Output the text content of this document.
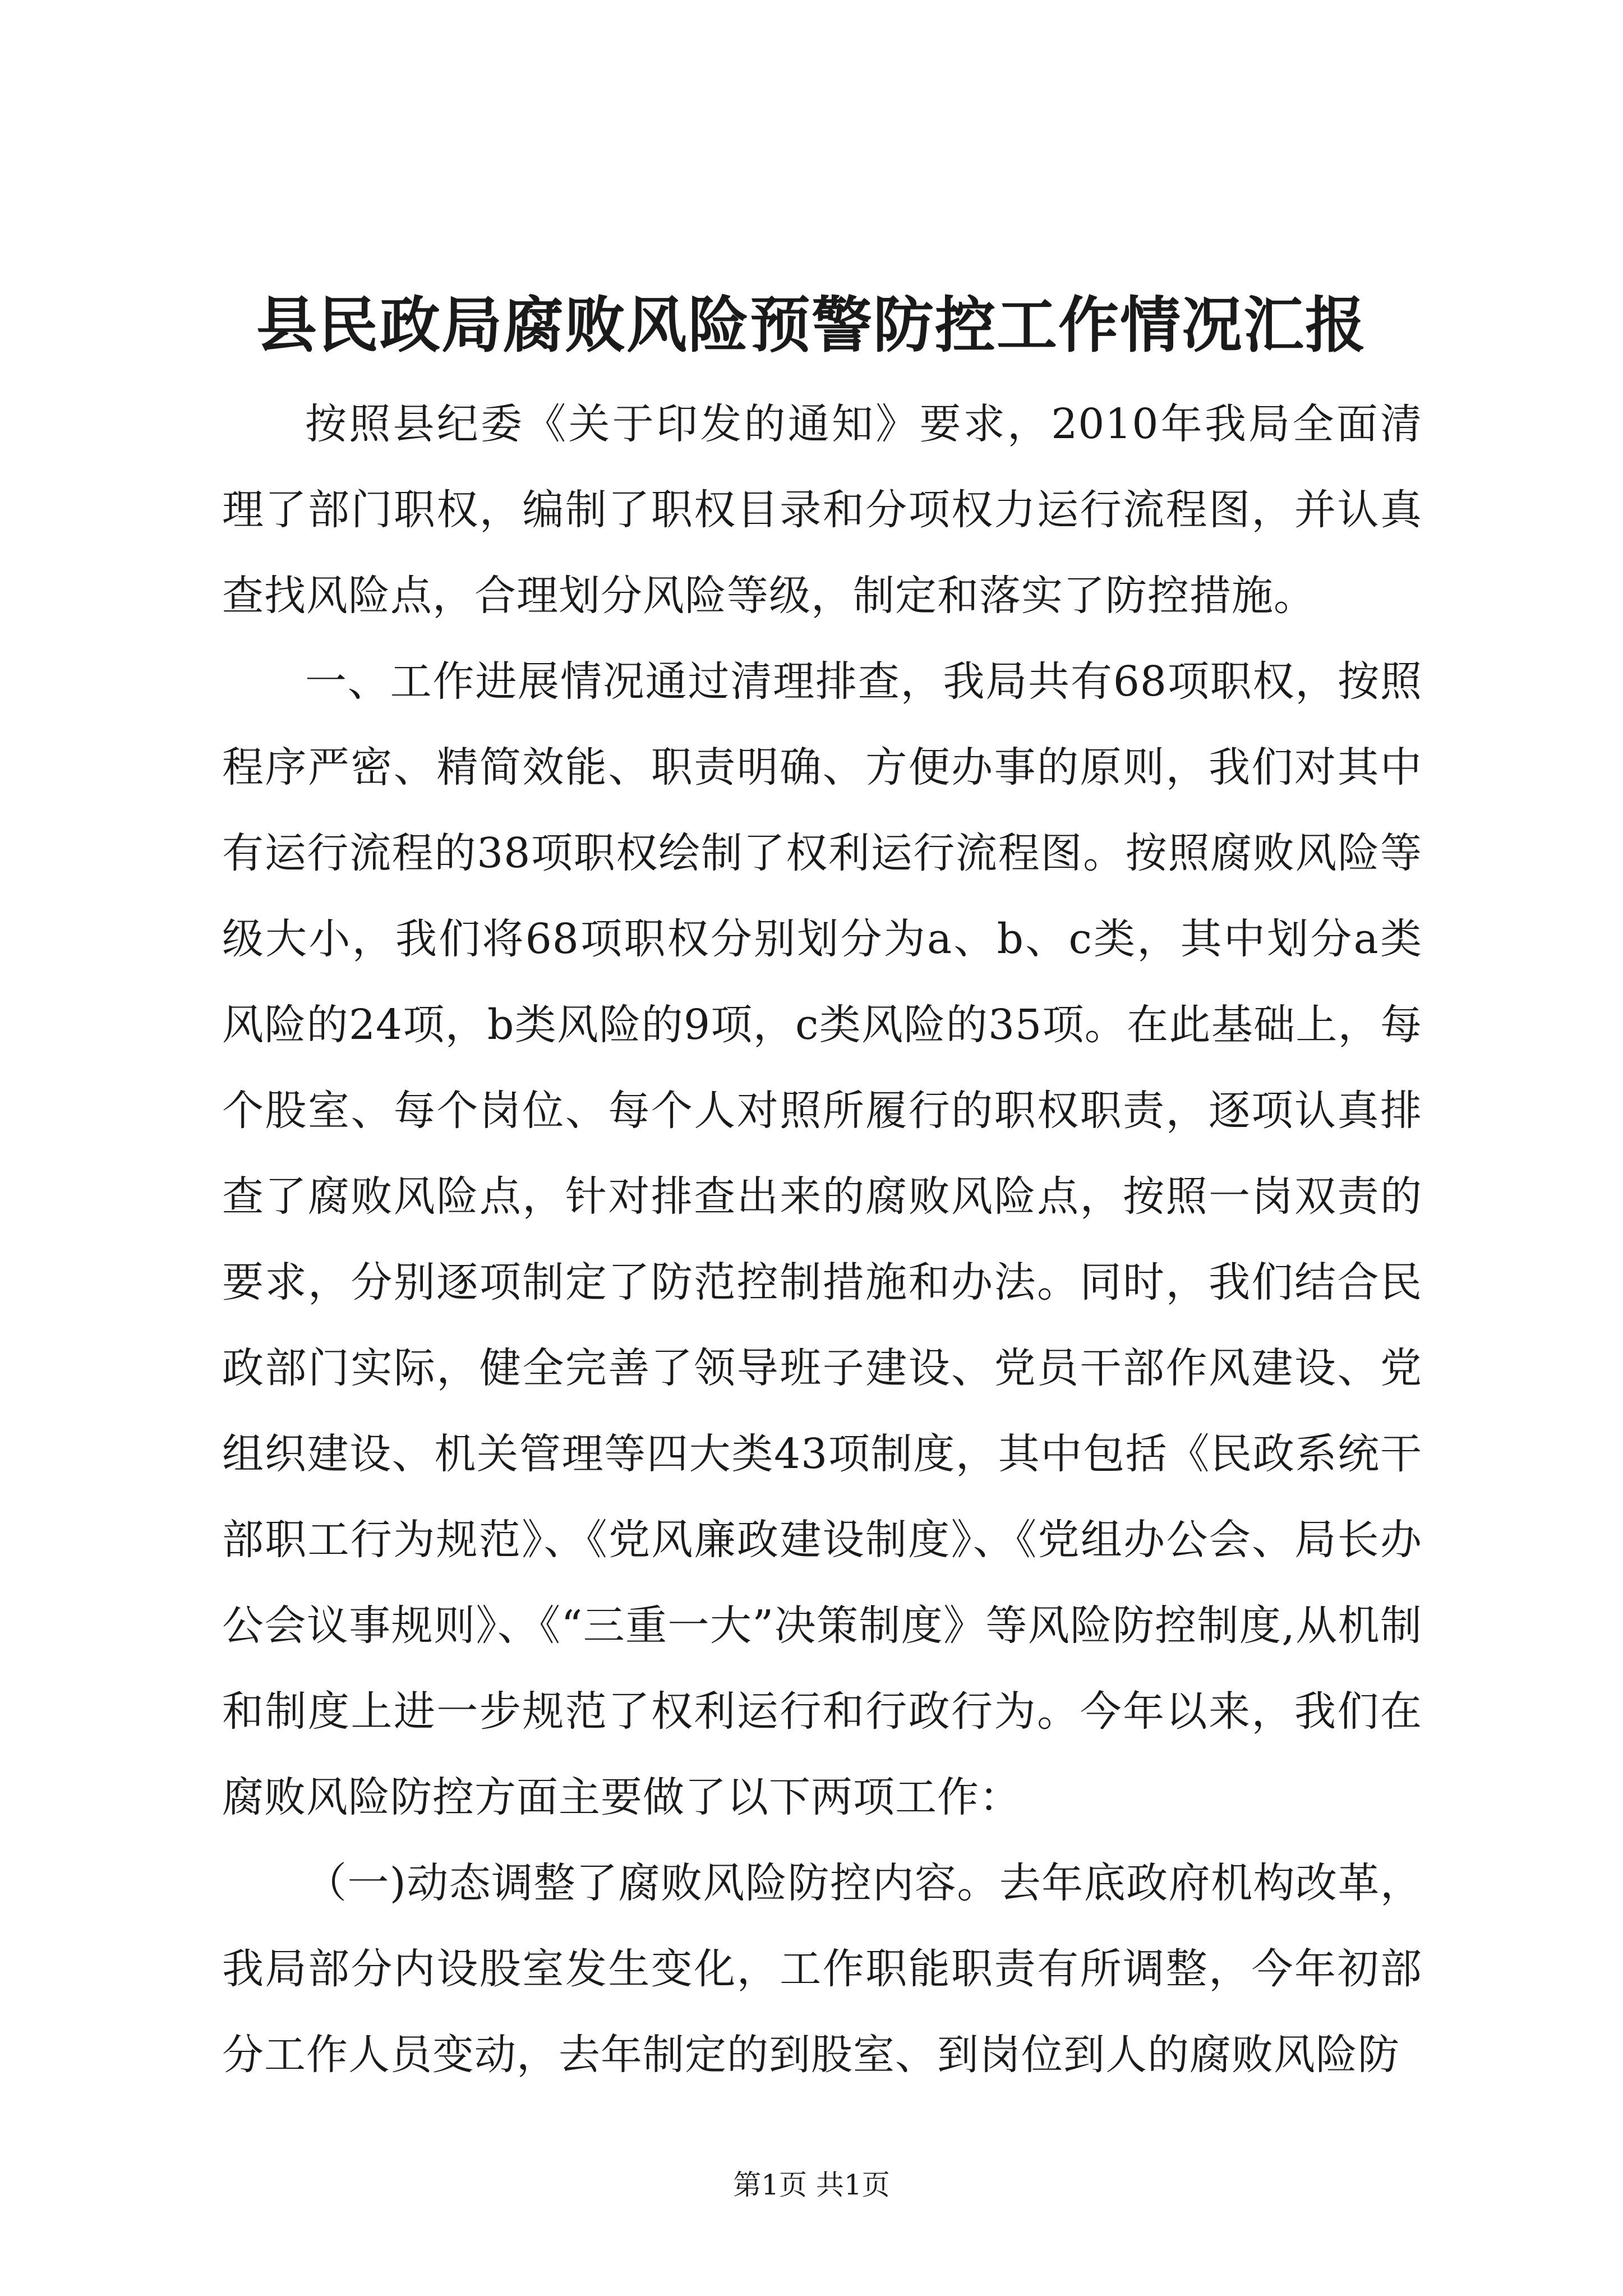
县民政局腐败风险预警防控工作情况汇报

按照县纪委《关于印发的通知》要求，2010年我局全面清理了部门职权，编制了职权目录和分项权力运行流程图，并认真查找风险点，合理划分风险等级，制定和落实了防控措施。

一、工作进展情况通过清理排查，我局共有68项职权，按照程序严密、精简效能、职责明确、方便办事的原则，我们对其中有运行流程的38项职权绘制了权利运行流程图。按照腐败风险等级大小，我们将68项职权分别划分为a、b、c类，其中划分a类风险的24项，b类风险的9项，c类风险的35项。在此基础上，每个股室、每个岗位、每个人对照所履行的职权职责，逐项认真排查了腐败风险点，针对排查出来的腐败风险点，按照一岗双责的要求，分别逐项制定了防范控制措施和办法。同时，我们结合民政部门实际，健全完善了领导班子建设、党员干部作风建设、党组织建设、机关管理等四大类43项制度，其中包括《民政系统干部职工行为规范》、《党风廉政建设制度》、《党组办公会、局长办公会议事规则》、《“三重一大”决策制度》等风险防控制度,从机制和制度上进一步规范了权利运行和行政行为。今年以来，我们在腐败风险防控方面主要做了以下两项工作：

（一)动态调整了腐败风险防控内容。去年底政府机构改革，我局部分内设股室发生变化，工作职能职责有所调整，今年初部分工作人员变动，去年制定的到股室、到岗位到人的腐败风险防

第1页 共1页
